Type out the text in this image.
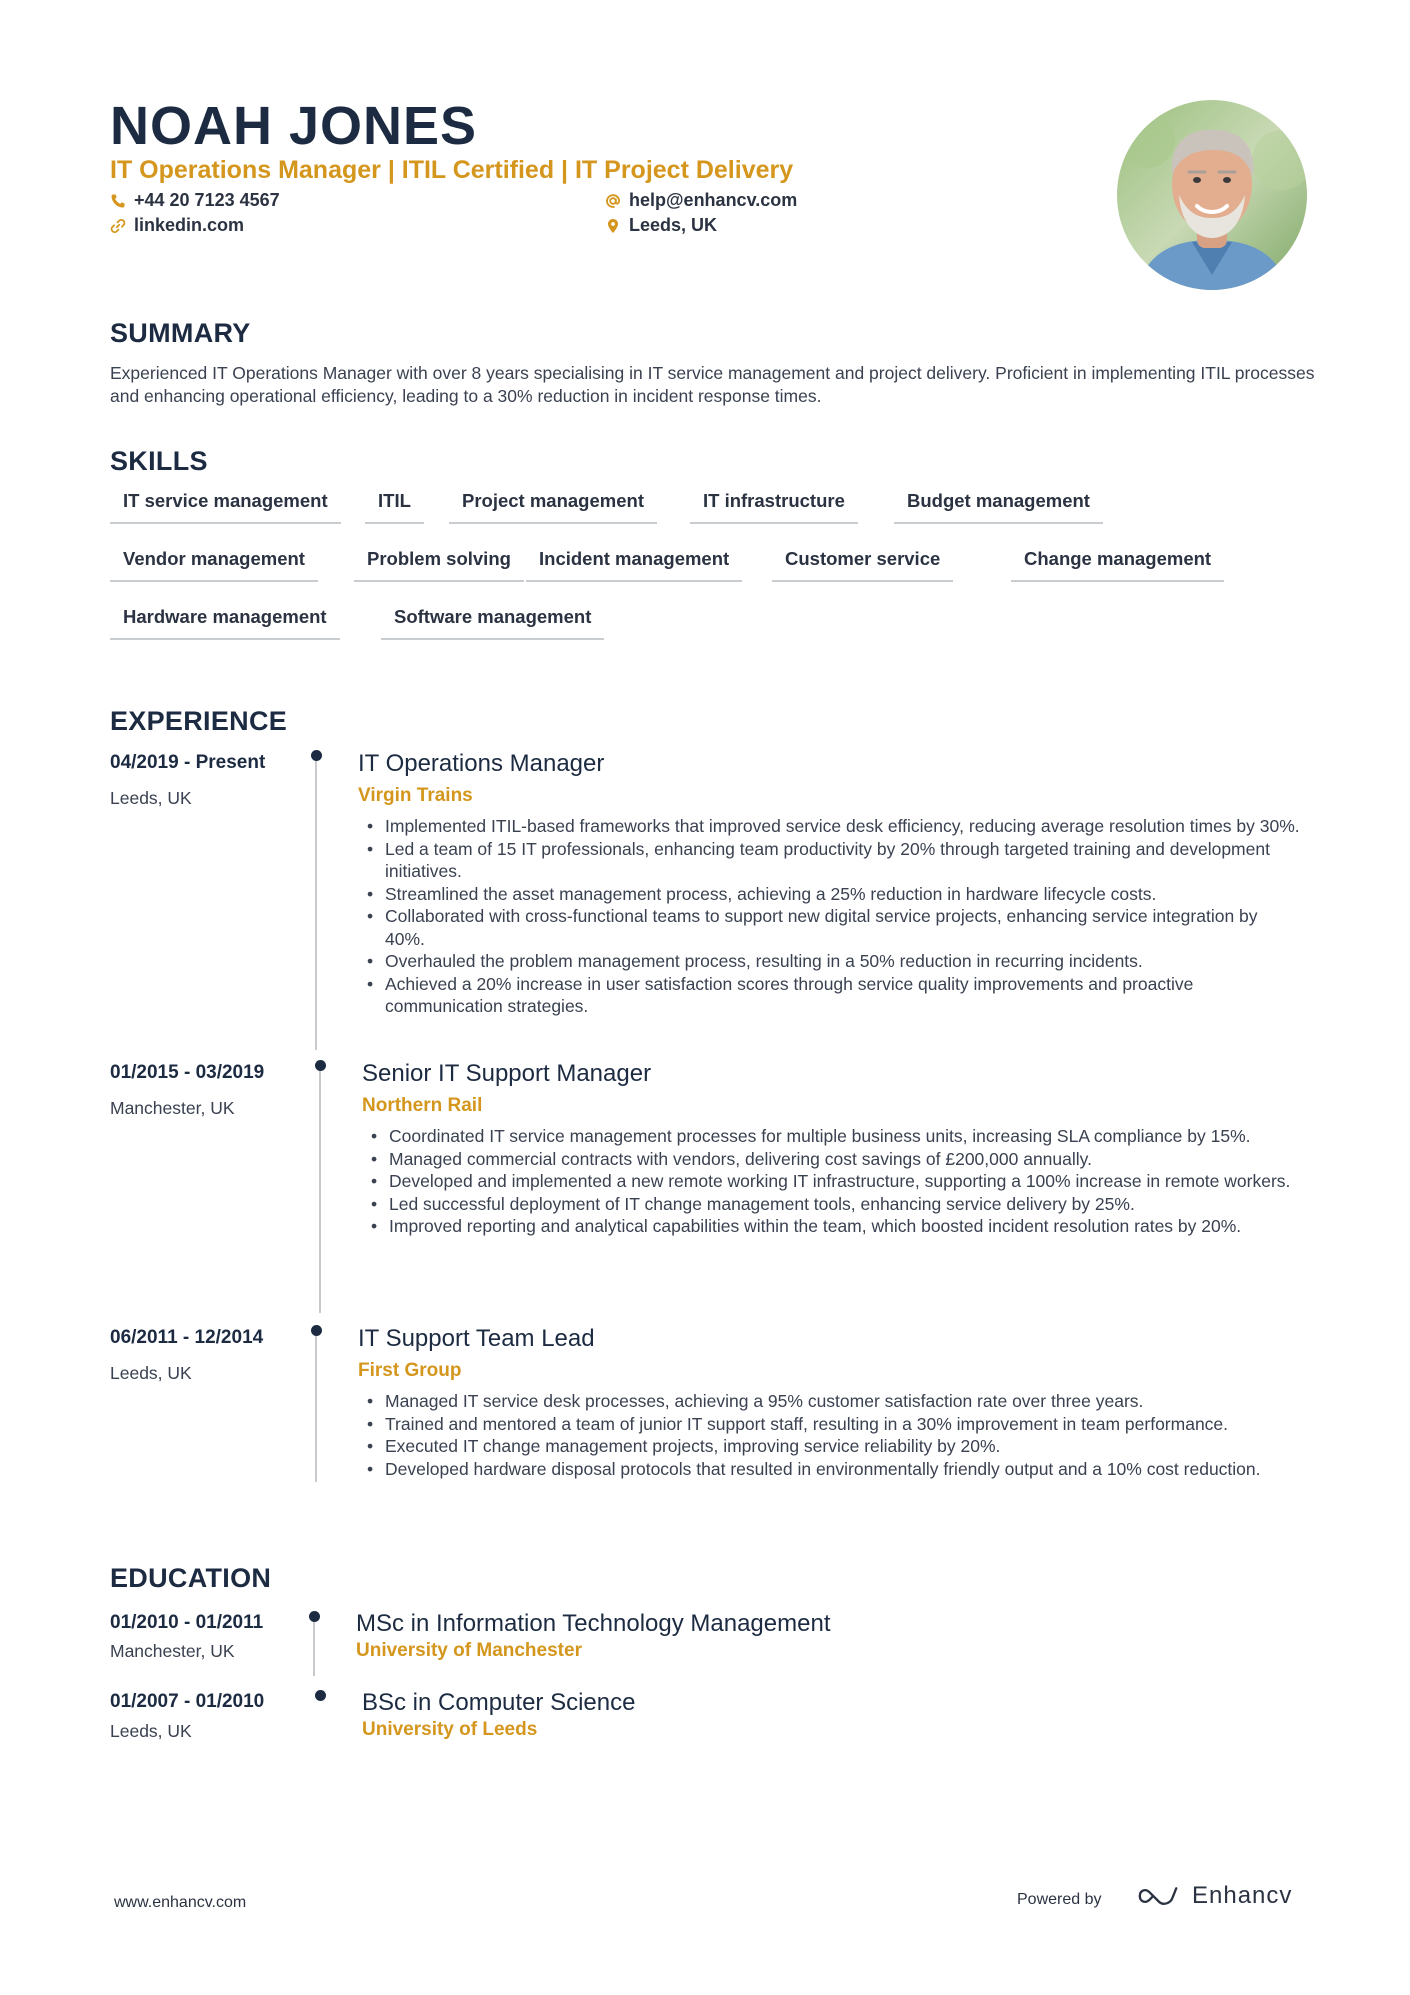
NOAH JONES
IT Operations Manager | ITIL Certified | IT Project Delivery
+44 20 7123 4567	help@enhancv.com
linkedin.com	Leeds, UK
SUMMARY
Experienced IT Operations Manager with over 8 years specialising in IT service management and project delivery. Proficient in implementing ITIL processes and enhancing operational efficiency, leading to a 30% reduction in incident response times.
SKILLS
IT service management	ITIL	Project management	IT infrastructure	Budget management
Vendor management	Problem solving	Incident management	Customer service	Change management
Hardware management	Software management
EXPERIENCE
04/2019 - Present
Leeds, UK
IT Operations Manager
Virgin Trains
• Implemented ITIL-based frameworks that improved service desk efficiency, reducing average resolution times by 30%.
• Led a team of 15 IT professionals, enhancing team productivity by 20% through targeted training and development initiatives.
• Streamlined the asset management process, achieving a 25% reduction in hardware lifecycle costs.
• Collaborated with cross-functional teams to support new digital service projects, enhancing service integration by 40%.
• Overhauled the problem management process, resulting in a 50% reduction in recurring incidents.
• Achieved a 20% increase in user satisfaction scores through service quality improvements and proactive communication strategies.
01/2015 - 03/2019
Manchester, UK
Senior IT Support Manager
Northern Rail
• Coordinated IT service management processes for multiple business units, increasing SLA compliance by 15%.
• Managed commercial contracts with vendors, delivering cost savings of £200,000 annually.
• Developed and implemented a new remote working IT infrastructure, supporting a 100% increase in remote workers.
• Led successful deployment of IT change management tools, enhancing service delivery by 25%.
• Improved reporting and analytical capabilities within the team, which boosted incident resolution rates by 20%.
06/2011 - 12/2014
Leeds, UK
IT Support Team Lead
First Group
• Managed IT service desk processes, achieving a 95% customer satisfaction rate over three years.
• Trained and mentored a team of junior IT support staff, resulting in a 30% improvement in team performance.
• Executed IT change management projects, improving service reliability by 20%.
• Developed hardware disposal protocols that resulted in environmentally friendly output and a 10% cost reduction.
EDUCATION
01/2010 - 01/2011
Manchester, UK
MSc in Information Technology Management
University of Manchester
01/2007 - 01/2010
Leeds, UK
BSc in Computer Science
University of Leeds
www.enhancv.com	Powered by	Enhancv
